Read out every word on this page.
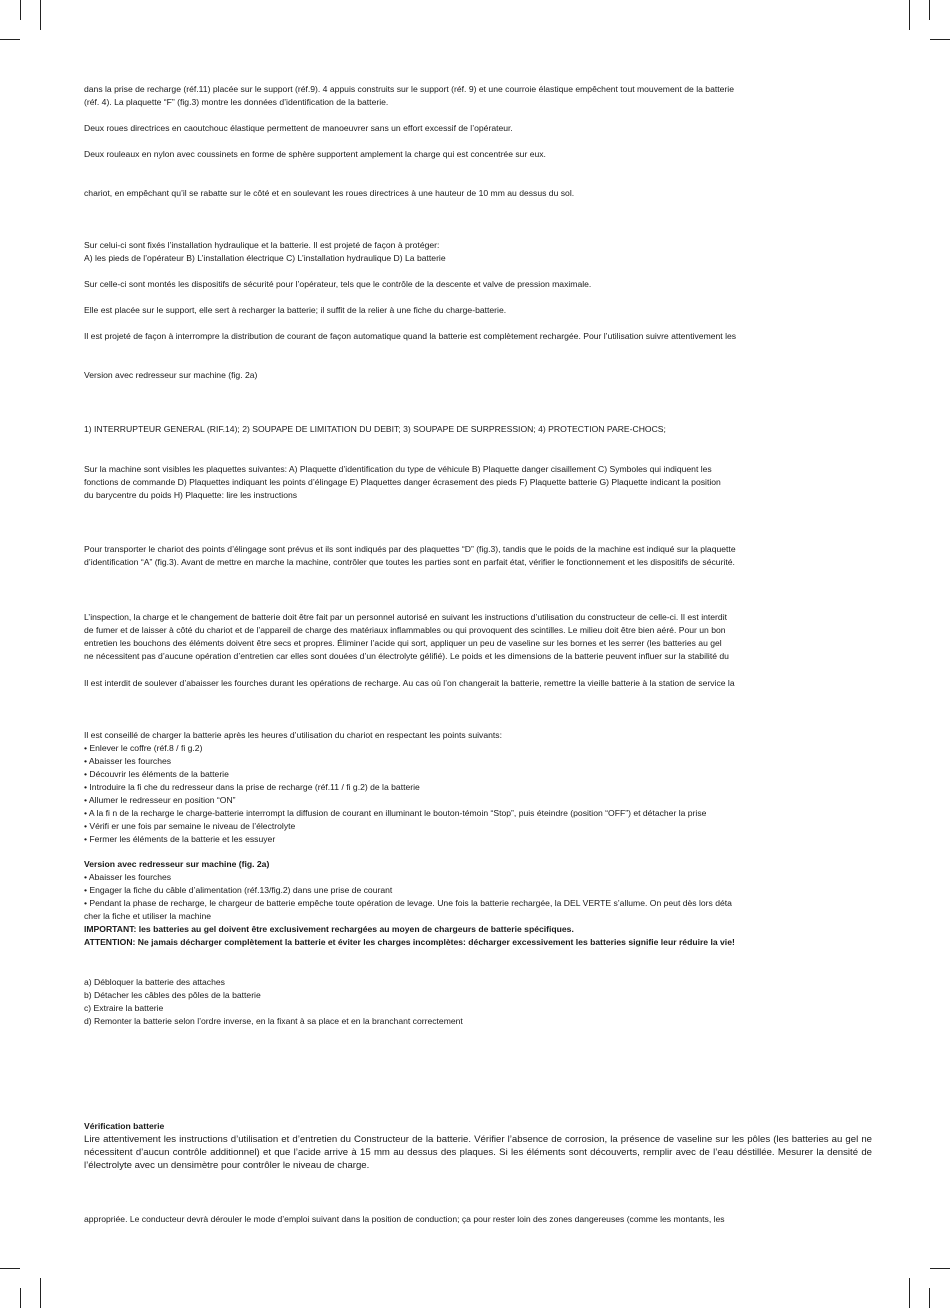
dans la prise de recharge (réf.11) placée sur le support (réf.9). 4 appuis construits sur le support (réf. 9) et une courroie élastique empêchent tout mouvement de la batterie

(réf. 4). La plaquette “F” (fig.3) montre les données d’identification de la batterie.

Deux roues directrices en caoutchouc élastique permettent de manoeuvrer sans un effort excessif de l’opérateur.

Deux rouleaux en nylon avec coussinets en forme de sphère supportent amplement la charge qui est concentrée sur eux.

chariot, en empêchant qu’il se rabatte sur le côté et en soulevant les roues directrices à une hauteur de 10 mm au dessus du sol.

Sur celui-ci sont fixés l’installation hydraulique et la batterie. Il est projeté de façon à protéger:

A) les pieds de l’opérateur B) L’installation électrique C) L’installation hydraulique D) La batterie

Sur celle-ci sont montés les dispositifs de sécurité pour l’opérateur, tels que le contrôle de la descente et valve de pression maximale.

Elle est placée sur le support, elle sert à recharger la batterie; il suffit de la relier à une fiche du charge-batterie.

Il est projeté de façon à interrompre la distribution de courant de façon automatique quand la batterie est complètement rechargée. Pour l’utilisation suivre attentivement les

Version avec redresseur sur machine (fig. 2a)

1) INTERRUPTEUR GENERAL (RIF.14); 2) SOUPAPE DE LIMITATION DU DEBIT; 3) SOUPAPE DE SURPRESSION; 4) PROTECTION PARE-CHOCS;

Sur la machine sont visibles les plaquettes suivantes: A) Plaquette d’identification du type de véhicule B) Plaquette danger cisaillement C) Symboles qui indiquent les

fonctions de commande D) Plaquettes indiquant les points d’élingage E) Plaquettes danger écrasement des pieds F) Plaquette batterie G) Plaquette indicant la position

du barycentre du poids H) Plaquette: lire les instructions

Pour transporter le chariot des points d’élingage sont prévus et ils sont indiqués par des plaquettes “D” (fig.3), tandis que le poids de la machine est indiqué sur la plaquette

d’identification “A” (fig.3). Avant de mettre en marche la machine, contrôler que toutes les parties sont en parfait état, vérifier le fonctionnement et les dispositifs de sécurité.

L’inspection, la charge et le changement de batterie doit être fait par un personnel autorisé en suivant les instructions d’utilisation du constructeur de celle-ci. Il est interdit

de fumer et de laisser à côté du chariot et de l’appareil de charge des matériaux inflammables ou qui provoquent des scintilles. Le milieu doit être bien aéré. Pour un bon

entretien les bouchons des éléments doivent être secs et propres. Éliminer l’acide qui sort, appliquer un peu de vaseline sur les bornes et les serrer (les batteries au gel

ne nécessitent pas d’aucune opération d’entretien car elles sont douées d’un électrolyte gélifié). Le poids et les dimensions de la batterie peuvent influer sur la stabilité du

Il est interdit de soulever d’abaisser les fourches durant les opérations de recharge. Au cas où l’on changerait la batterie, remettre la vieille batterie à la station de service la

Il est conseillé de charger la batterie après les heures d’utilisation du chariot en respectant les points suivants:

• Enlever le coffre (réf.8 / fi g.2)
• Abaisser les fourches
• Découvrir les éléments de la batterie
• Introduire la fi che du redresseur dans la prise de recharge (réf.11 / fi g.2) de la batterie
• Allumer le redresseur en position “ON”
• A la fi n de la recharge le charge-batterie interrompt la diffusion de courant en illuminant le bouton-témoin “Stop”, puis éteindre (position “OFF”) et détacher la prise
• Vérifi er une fois par semaine le niveau de l’électrolyte
• Fermer les éléments de la batterie et les essuyer

Version avec redresseur sur machine (fig. 2a)

• Abaisser les fourches
• Engager la fiche du câble d’alimentation (réf.13/fig.2) dans une prise de courant
• Pendant la phase de recharge, le chargeur de batterie empêche toute opération de levage. Une fois la batterie rechargée, la DEL VERTE s’allume. On peut dès lors déta
cher la fiche et utiliser la machine

IMPORTANT: les batteries au gel doivent être exclusivement rechargées au moyen de chargeurs de batterie spécifiques.

ATTENTION: Ne jamais décharger complètement la batterie et éviter les charges incomplètes: décharger excessivement les batteries signifie leur réduire la vie!

a) Débloquer la batterie des attaches
b) Détacher les câbles des pôles de la batterie
c) Extraire la batterie
d) Remonter la batterie selon l’ordre inverse, en la fixant à sa place et en la branchant correctement

Vérification batterie

Lire attentivement les instructions d’utilisation et d’entretien du Constructeur de la batterie. Vérifier l’absence de corrosion, la présence de vaseline sur les pôles (les batteries au gel ne nécessitent d’aucun contrôle additionnel) et que l’acide arrive à 15 mm au dessus des plaques. Si les éléments sont découverts, remplir avec de l’eau déstillée. Mesurer la densité de l’électrolyte avec un densimètre pour contrôler le niveau de charge.

appropriée. Le conducteur devrà dérouler le mode d’emploi suivant dans la position de conduction; ça pour rester loin des zones dangereuses (comme les montants, les
